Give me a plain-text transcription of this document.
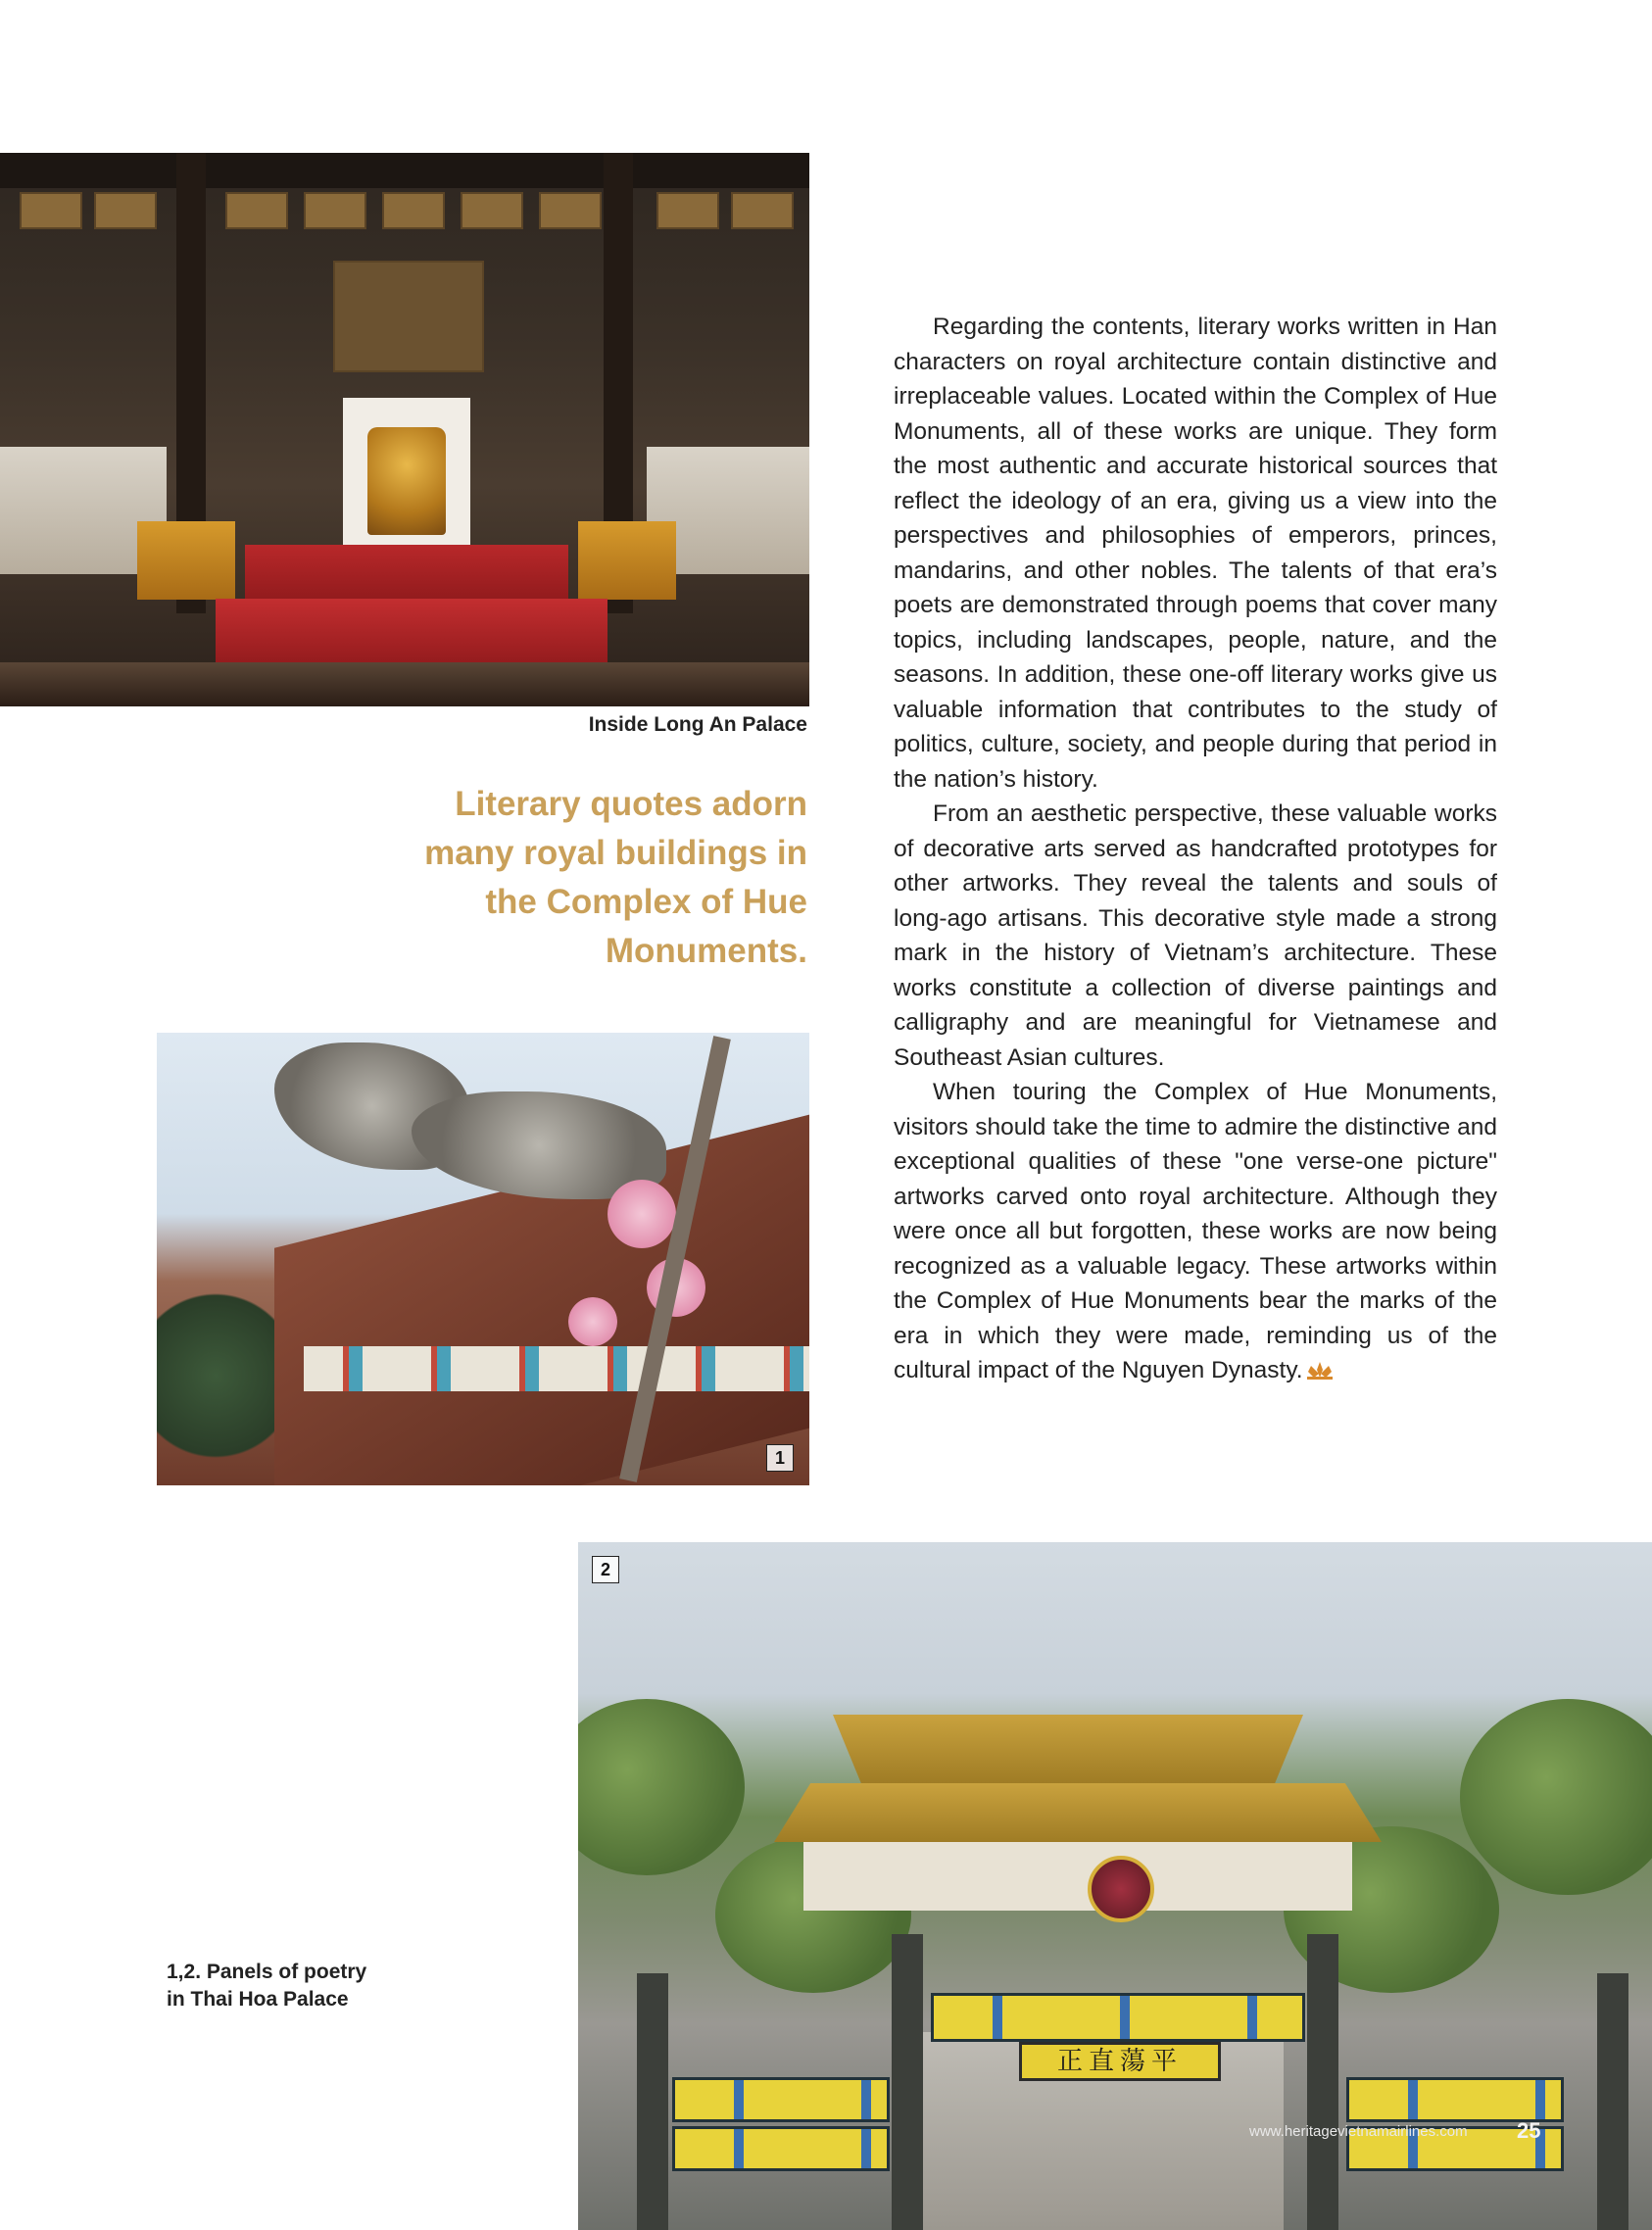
Inside Long An Palace
Literary quotes adorn many royal buildings in the Complex of Hue Monuments.
1

Regarding the contents, literary works written in Han characters on royal architecture contain distinctive and irreplaceable values. Located within the Complex of Hue Monuments, all of these works are unique. They form the most authentic and accurate historical sources that reflect the ideology of an era, giving us a view into the perspectives and philosophies of emperors, princes, mandarins, and other nobles. The talents of that era’s poets are demonstrated through poems that cover many topics, including landscapes, people, nature, and the seasons. In addition, these one-off literary works give us valuable information that contributes to the study of politics, culture, society, and people during that period in the nation’s history.

From an aesthetic perspective, these valuable works of decorative arts served as handcrafted prototypes for other artworks. They reveal the talents and souls of long-ago artisans. This decorative style made a strong mark in the history of Vietnam’s architecture. These works constitute a collection of diverse paintings and calligraphy and are meaningful for Vietnamese and Southeast Asian cultures.

When touring the Complex of Hue Monuments, visitors should take the time to admire the distinctive and exceptional qualities of these "one verse-one picture" artworks carved onto royal architecture. Although they were once all but forgotten, these works are now being recognized as a valuable legacy. These artworks within the Complex of Hue Monuments bear the marks of the era in which they were made, reminding us of the cultural impact of the Nguyen Dynasty.

正直蕩平
2
1,2. Panels of poetry
in Thai Hoa Palace
www.heritagevietnamairlines.com 25
